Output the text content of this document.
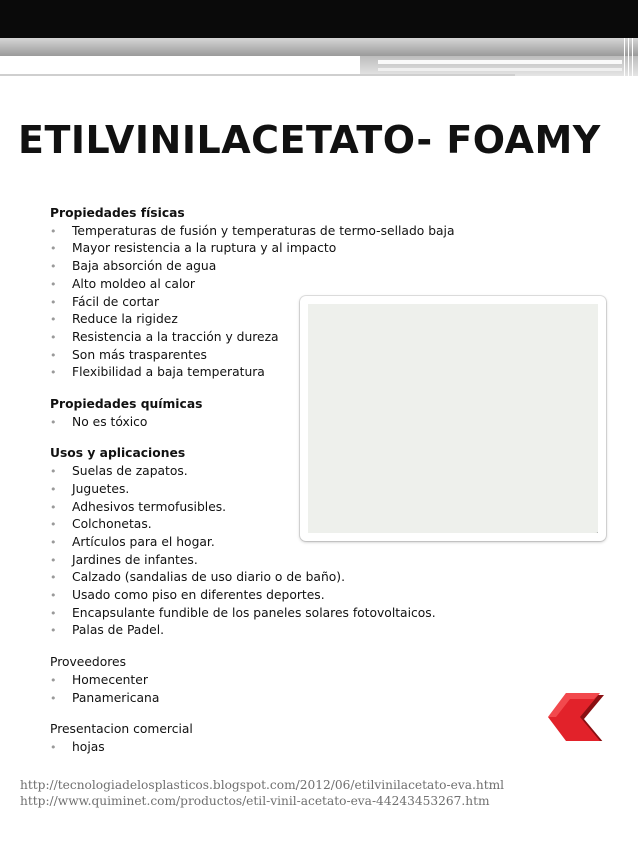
ETILVINILACETATO- FOAMY

Propiedades físicas

• Temperaturas de fusión y temperaturas de termo-sellado baja
• Mayor resistencia a la ruptura y al impacto
• Baja absorción de agua
• Alto moldeo al calor
• Fácil de cortar
• Reduce la rigidez
• Resistencia a la tracción y dureza
• Son más trasparentes
• Flexibilidad a baja temperatura

Propiedades químicas

• No es tóxico

Usos y aplicaciones

• Suelas de zapatos.
• Juguetes.
• Adhesivos termofusibles.
• Colchonetas.
• Artículos para el hogar.
• Jardines de infantes.
• Calzado (sandalias de uso diario o de baño).
• Usado como piso en diferentes deportes.
• Encapsulante fundible de los paneles solares fotovoltaicos.
• Palas de Padel.

Proveedores

• Homecenter
• Panamericana

Presentacion comercial

• hojas
http://tecnologiadelosplasticos.blogspot.com/2012/06/etilvinilacetato-eva.html
http://www.quiminet.com/productos/etil-vinil-acetato-eva-44243453267.htm
